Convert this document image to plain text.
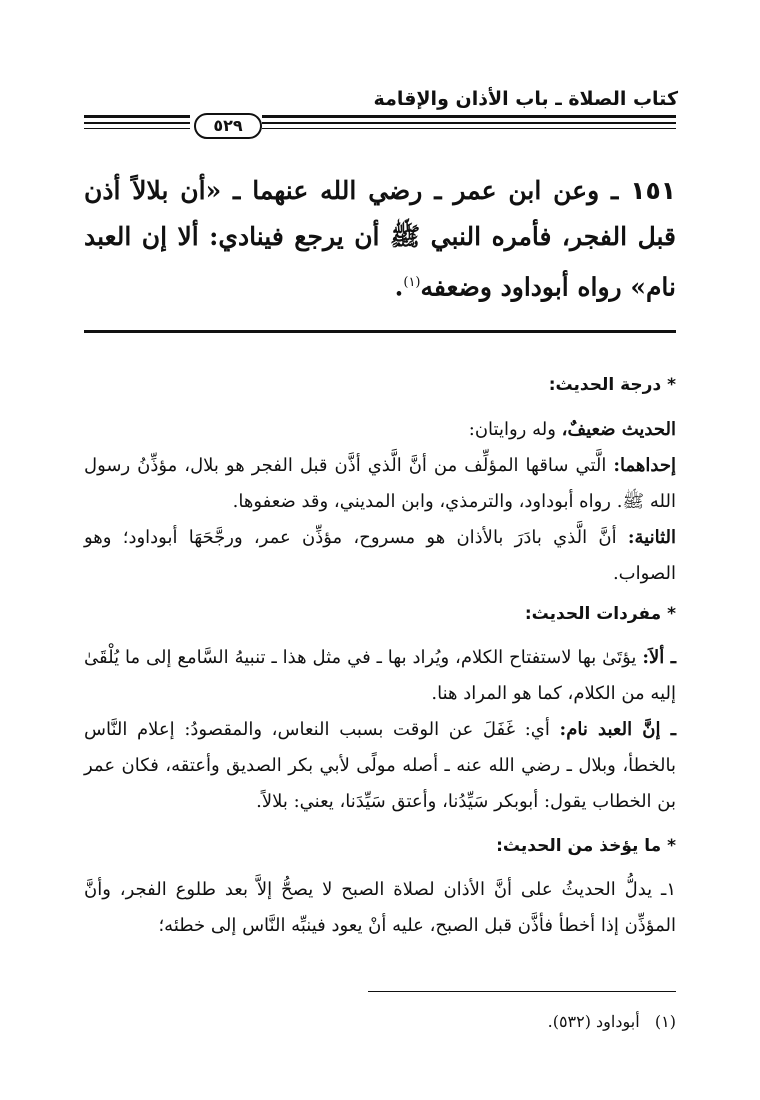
كتاب الصلاة ـ باب الأذان والإقامة
٥٢٩
١٥١ ـ وعن ابن عمر ـ رضي الله عنهما ـ «أن بلالاً أذن قبل الفجر، فأمره النبي ﷺ أن يرجع فينادي: ألا إن العبد نام» رواه أبوداود وضعفه$^{(١)}$.
* درجة الحديث:
الحديث ضعيفٌ، وله روايتان:
إحداهما: الَّتي ساقها المؤلِّف من أنَّ الَّذي أذَّن قبل الفجر هو بلال، مؤذِّنُ رسول الله ﷺ. رواه أبوداود، والترمذي، وابن المديني، وقد ضعفوها.
الثانية: أنَّ الَّذي بادَرَ بالأذان هو مسروح، مؤذِّن عمر، ورجَّحَهَا أبوداود؛ وهو الصواب.
* مفردات الحديث:
ـ ألاَ: يؤتَىٰ بها لاستفتاح الكلام، ويُراد بها ـ في مثل هذا ـ تنبيهُ السَّامع إلى ما يُلْقَىٰ إليه من الكلام، كما هو المراد هنا.
ـ إنَّ العبد نام: أي: غَفَلَ عن الوقت بسبب النعاس، والمقصودُ: إعلام النَّاس بالخطأ، وبلال ـ رضي الله عنه ـ أصله مولًى لأبي بكر الصديق وأعتقه، فكان عمر بن الخطاب يقول: أبوبكر سَيِّدُنا، وأعتق سَيِّدَنا، يعني: بلالاً.
* ما يؤخذ من الحديث:
١ـ يدلُّ الحديثُ على أنَّ الأذان لصلاة الصبح لا يصحُّ إلاَّ بعد طلوع الفجر، وأنَّ المؤذِّن إذا أخطأ فأذَّن قبل الصبح، عليه أنْ يعود فينبِّه النَّاس إلى خطئه؛
(١)   أبوداود (٥٣٢).
